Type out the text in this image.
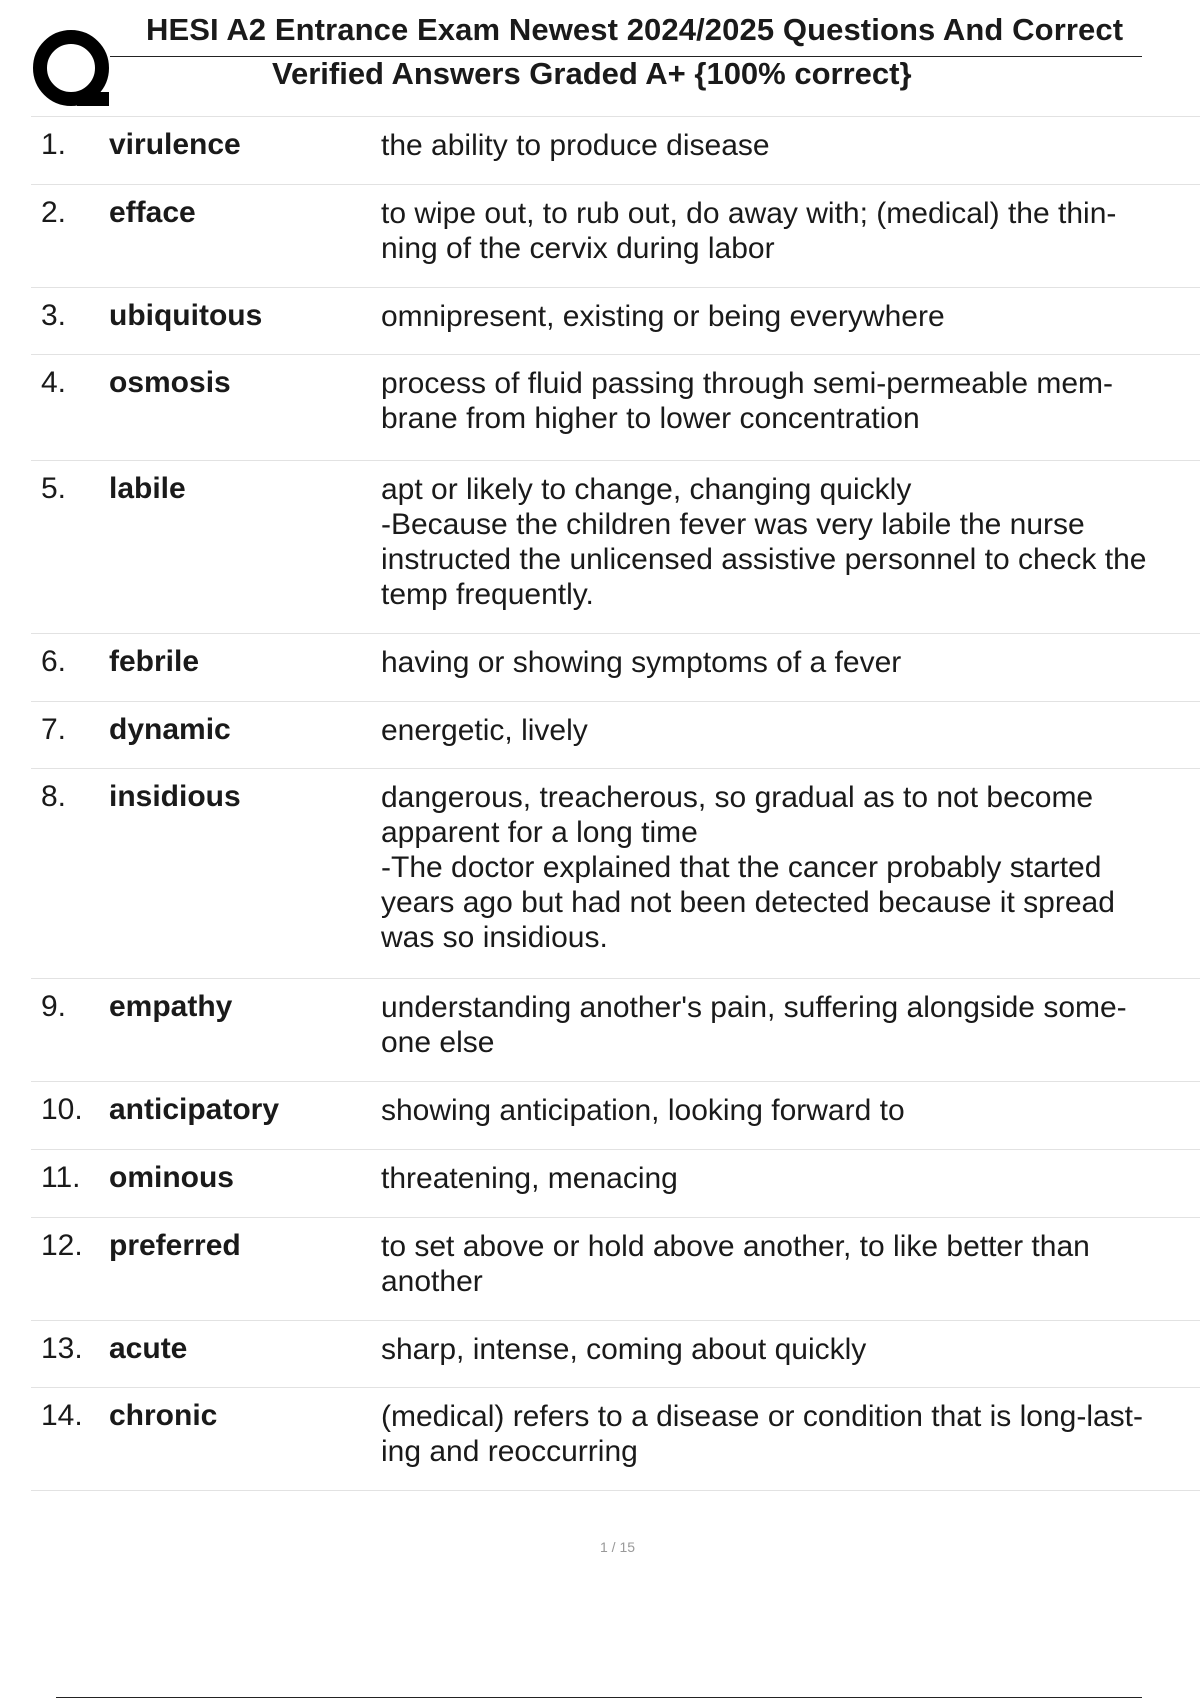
HESI A2 Entrance Exam Newest 2024/2025 Questions And Correct
Verified Answers Graded A+ {100% correct}
1. virulence	the ability to produce disease
2. efface	to wipe out, to rub out, do away with; (medical) the thin-
ning of the cervix during labor
3. ubiquitous	omnipresent, existing or being everywhere
4. osmosis	process of fluid passing through semi-permeable mem-
brane from higher to lower concentration
5. labile	apt or likely to change, changing quickly
-Because the children fever was very labile the nurse
instructed the unlicensed assistive personnel to check the
temp frequently.
6. febrile	having or showing symptoms of a fever
7. dynamic	energetic, lively
8. insidious	dangerous, treacherous, so gradual as to not become
apparent for a long time
-The doctor explained that the cancer probably started
years ago but had not been detected because it spread
was so insidious.
9. empathy	understanding another's pain, suffering alongside some-
one else
10. anticipatory	showing anticipation, looking forward to
11. ominous	threatening, menacing
12. preferred	to set above or hold above another, to like better than
another
13. acute	sharp, intense, coming about quickly
14. chronic	(medical) refers to a disease or condition that is long-last-
ing and reoccurring
1 / 15
